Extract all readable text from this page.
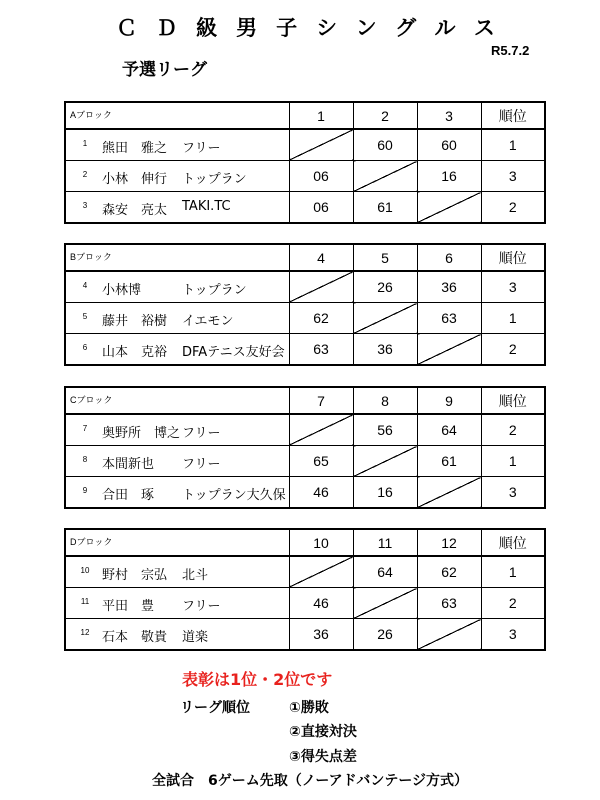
ＣＤ級男子シングルス
予選リーグ
R5.7.2
Aブロック	1	2	3	順位

1 熊田　雅之 フリー		60	60	1

2 小林　伸行 トップラン	06		16	3

3 森安　亮太 TAKI.TC	06	61		2
Bブロック	4	5	6	順位

4 小林博 トップラン		26	36	3

5 藤井　裕樹 イエモン	62		63	1

6 山本　克裕 DFAテニス友好会	63	36		2
Cブロック	7	8	9	順位

7 奥野所　博之 フリー		56	64	2

8 本間新也 フリー	65		61	1

9 合田　琢 トップラン大久保	46	16		3
Dブロック	10	11	12	順位

10 野村　宗弘 北斗		64	62	1

11 平田　豊 フリー	46		63	2

12 石本　敬貴 道楽	36	26		3
表彰は1位・2位です
リーグ順位	①勝敗
②直接対決
③得失点差
全試合　6ゲーム先取（ノーアドバンテージ方式）
